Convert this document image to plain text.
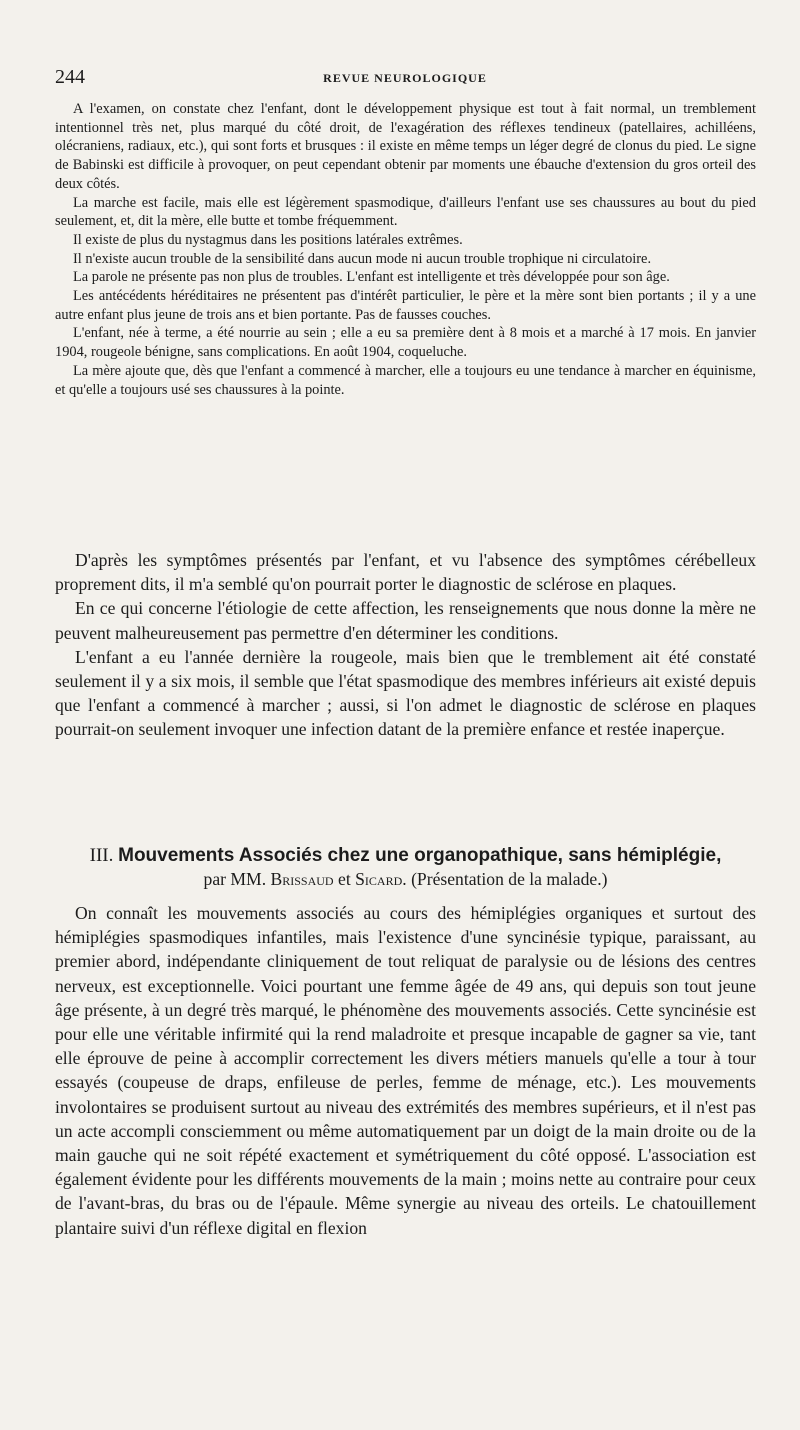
244	REVUE NEUROLOGIQUE

A l'examen, on constate chez l'enfant, dont le développement physique est tout à fait normal, un tremblement intentionnel très net, plus marqué du côté droit, de l'exagération des réflexes tendineux (patellaires, achilléens, olécraniens, radiaux, etc.), qui sont forts et brusques : il existe en même temps un léger degré de clonus du pied. Le signe de Babinski est difficile à provoquer, on peut cependant obtenir par moments une ébauche d'extension du gros orteil des deux côtés.

La marche est facile, mais elle est légèrement spasmodique, d'ailleurs l'enfant use ses chaussures au bout du pied seulement, et, dit la mère, elle butte et tombe fréquemment.

Il existe de plus du nystagmus dans les positions latérales extrêmes.

Il n'existe aucun trouble de la sensibilité dans aucun mode ni aucun trouble trophique ni circulatoire.

La parole ne présente pas non plus de troubles. L'enfant est intelligente et très développée pour son âge.

Les antécédents héréditaires ne présentent pas d'intérêt particulier, le père et la mère sont bien portants ; il y a une autre enfant plus jeune de trois ans et bien portante. Pas de fausses couches.

L'enfant, née à terme, a été nourrie au sein ; elle a eu sa première dent à 8 mois et a marché à 17 mois. En janvier 1904, rougeole bénigne, sans complications. En août 1904, coqueluche.

La mère ajoute que, dès que l'enfant a commencé à marcher, elle a toujours eu une tendance à marcher en équinisme, et qu'elle a toujours usé ses chaussures à la pointe.

D'après les symptômes présentés par l'enfant, et vu l'absence des symptômes cérébelleux proprement dits, il m'a semblé qu'on pourrait porter le diagnostic de sclérose en plaques.

En ce qui concerne l'étiologie de cette affection, les renseignements que nous donne la mère ne peuvent malheureusement pas permettre d'en déterminer les conditions.

L'enfant a eu l'année dernière la rougeole, mais bien que le tremblement ait été constaté seulement il y a six mois, il semble que l'état spasmodique des membres inférieurs ait existé depuis que l'enfant a commencé à marcher ; aussi, si l'on admet le diagnostic de sclérose en plaques pourrait-on seulement invoquer une infection datant de la première enfance et restée inaperçue.

III. Mouvements Associés chez une organopathique, sans hémiplégie,

par MM. Brissaud et Sicard. (Présentation de la malade.)

On connaît les mouvements associés au cours des hémiplégies organiques et surtout des hémiplégies spasmodiques infantiles, mais l'existence d'une syncinésie typique, paraissant, au premier abord, indépendante cliniquement de tout reliquat de paralysie ou de lésions des centres nerveux, est exceptionnelle. Voici pourtant une femme âgée de 49 ans, qui depuis son tout jeune âge présente, à un degré très marqué, le phénomène des mouvements associés. Cette syncinésie est pour elle une véritable infirmité qui la rend maladroite et presque incapable de gagner sa vie, tant elle éprouve de peine à accomplir correctement les divers métiers manuels qu'elle a tour à tour essayés (coupeuse de draps, enfileuse de perles, femme de ménage, etc.). Les mouvements involontaires se produisent surtout au niveau des extrémités des membres supérieurs, et il n'est pas un acte accompli consciemment ou même automatiquement par un doigt de la main droite ou de la main gauche qui ne soit répété exactement et symétriquement du côté opposé. L'association est également évidente pour les différents mouvements de la main ; moins nette au contraire pour ceux de l'avant-bras, du bras ou de l'épaule. Même synergie au niveau des orteils. Le chatouillement plantaire suivi d'un réflexe digital en flexion
